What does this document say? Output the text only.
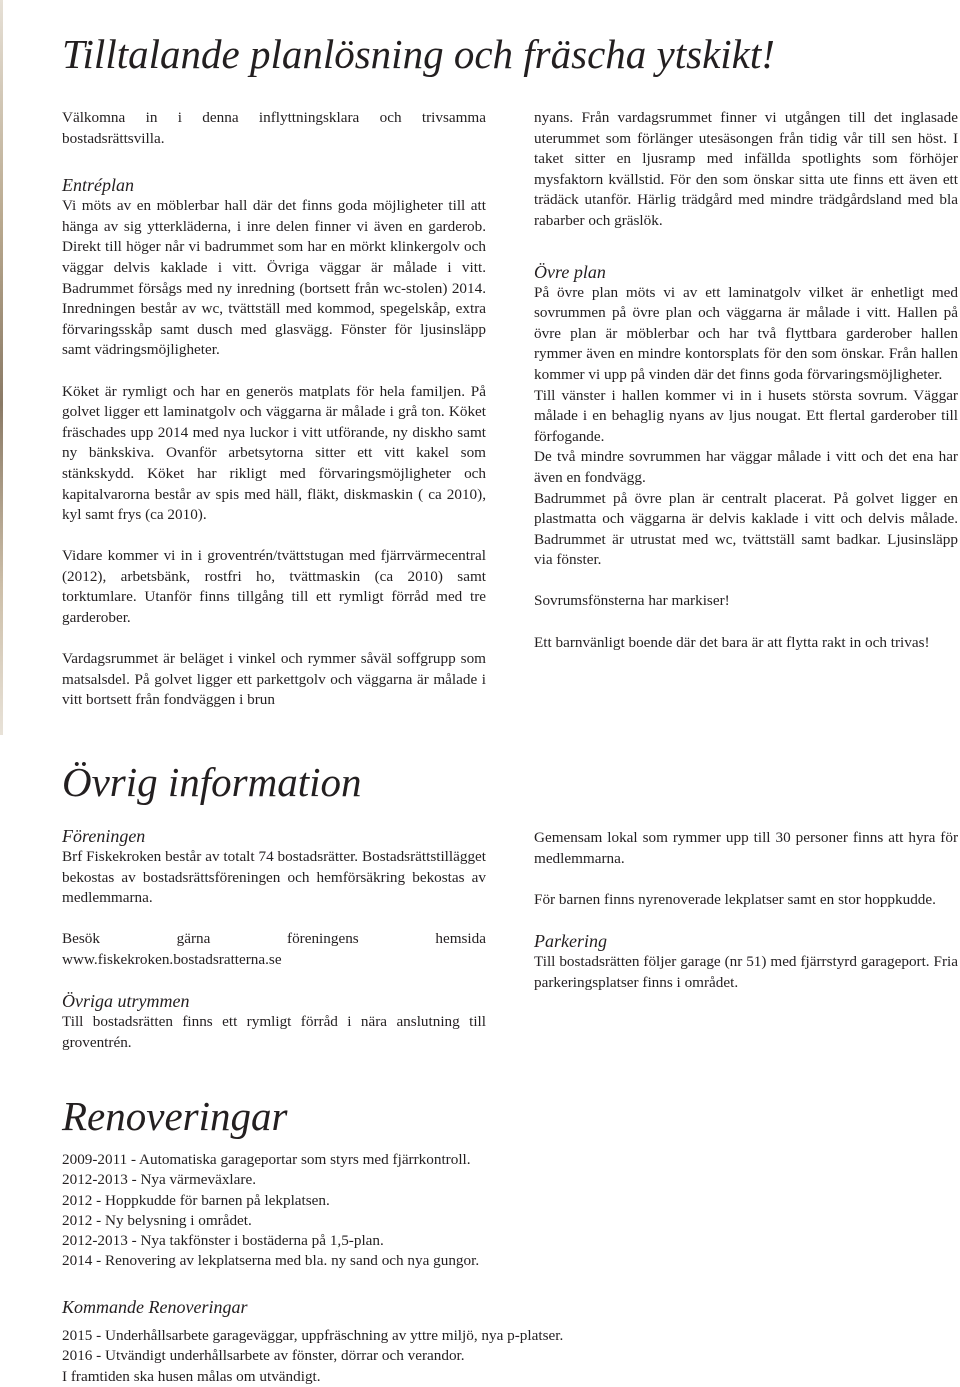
Tilltalande planlösning och fräscha ytskikt!

Välkomna in i denna inflyttningsklara och trivsamma bostadsrättsvilla.

Entréplan
Vi möts av en möblerbar hall där det finns goda möjligheter till att hänga av sig ytterkläderna, i inre delen finner vi även en garderob. Direkt till höger når vi badrummet som har en mörkt klinkergolv och väggar delvis kaklade i vitt. Övriga väggar är målade i vitt. Badrummet försågs med ny inredning (bortsett från wc-stolen) 2014. Inredningen består av wc, tvättställ med kommod, spegelskåp, extra förvaringsskåp samt dusch med glasvägg. Fönster för ljusinsläpp samt vädringsmöjligheter.

Köket är rymligt och har en generös matplats för hela familjen. På golvet ligger ett laminatgolv och väggarna är målade i grå ton. Köket fräschades upp 2014 med nya luckor i vitt utförande, ny diskho samt ny bänkskiva. Ovanför arbetsytorna sitter ett vitt kakel som stänkskydd. Köket har rikligt med förvaringsmöjligheter och kapitalvarorna består av spis med häll, fläkt, diskmaskin ( ca 2010), kyl samt frys (ca 2010).

Vidare kommer vi in i groventrén/tvättstugan med fjärrvärmecentral (2012), arbetsbänk, rostfri ho, tvättmaskin (ca 2010) samt torktumlare. Utanför finns tillgång till ett rymligt förråd med tre garderober.

Vardagsrummet är beläget i vinkel och rymmer såväl soffgrupp som matsalsdel. På golvet ligger ett parkettgolv och väggarna är målade i vitt bortsett från fondväggen i brun

nyans. Från vardagsrummet finner vi utgången till det inglasade uterummet som förlänger utesäsongen från tidig vår till sen höst. I taket sitter en ljusramp med infällda spotlights som förhöjer mysfaktorn kvällstid. För den som önskar sitta ute finns ett även ett trädäck utanför. Härlig trädgård med mindre trädgårdsland med bla rabarber och gräslök.

Övre plan
På övre plan möts vi av ett laminatgolv vilket är enhetligt med sovrummen på övre plan och väggarna är målade i vitt. Hallen på övre plan är möblerbar och har två flyttbara garderober hallen rymmer även en mindre kontorsplats för den som önskar. Från hallen kommer vi upp på vinden där det finns goda förvaringsmöjligheter.

Till vänster i hallen kommer vi in i husets största sovrum. Väggar målade i en behaglig nyans av ljus nougat. Ett flertal garderober till förfogande.

De två mindre sovrummen har väggar målade i vitt och det ena har även en fondvägg.

Badrummet på övre plan är centralt placerat. På golvet ligger en plastmatta och väggarna är delvis kaklade i vitt och delvis målade. Badrummet är utrustat med wc, tvättställ samt badkar. Ljusinsläpp via fönster.

Sovrumsfönsterna har markiser!

Ett barnvänligt boende där det bara är att flytta rakt in och trivas!

Övrig information

Föreningen
Brf Fiskekroken består av totalt 74 bostadsrätter. Bostadsrättstillägget bekostas av bostadsrättsföreningen och hemförsäkring bekostas av medlemmarna.

Besök gärna föreningens hemsida www.fiskekroken.bostadsratterna.se

Övriga utrymmen
Till bostadsrätten finns ett rymligt förråd i nära anslutning till groventrén.

Gemensam lokal som rymmer upp till 30 personer finns att hyra för medlemmarna.

För barnen finns nyrenoverade lekplatser samt en stor hoppkudde.

Parkering
Till bostadsrätten följer garage (nr 51) med fjärrstyrd garageport. Fria parkeringsplatser finns i området.

Renoveringar
2009-2011 - Automatiska garageportar som styrs med fjärrkontroll.
2012-2013 - Nya värmeväxlare.
2012 - Hoppkudde för barnen på lekplatsen.
2012 - Ny belysning i området.
2012-2013 - Nya takfönster i bostäderna på 1,5-plan.
2014 - Renovering av lekplatserna med bla. ny sand och nya gungor.
Kommande Renoveringar
2015 - Underhållsarbete garageväggar, uppfräschning av yttre miljö, nya p-platser.
2016 - Utvändigt underhållsarbete av fönster, dörrar och verandor.
I framtiden ska husen målas om utvändigt.
